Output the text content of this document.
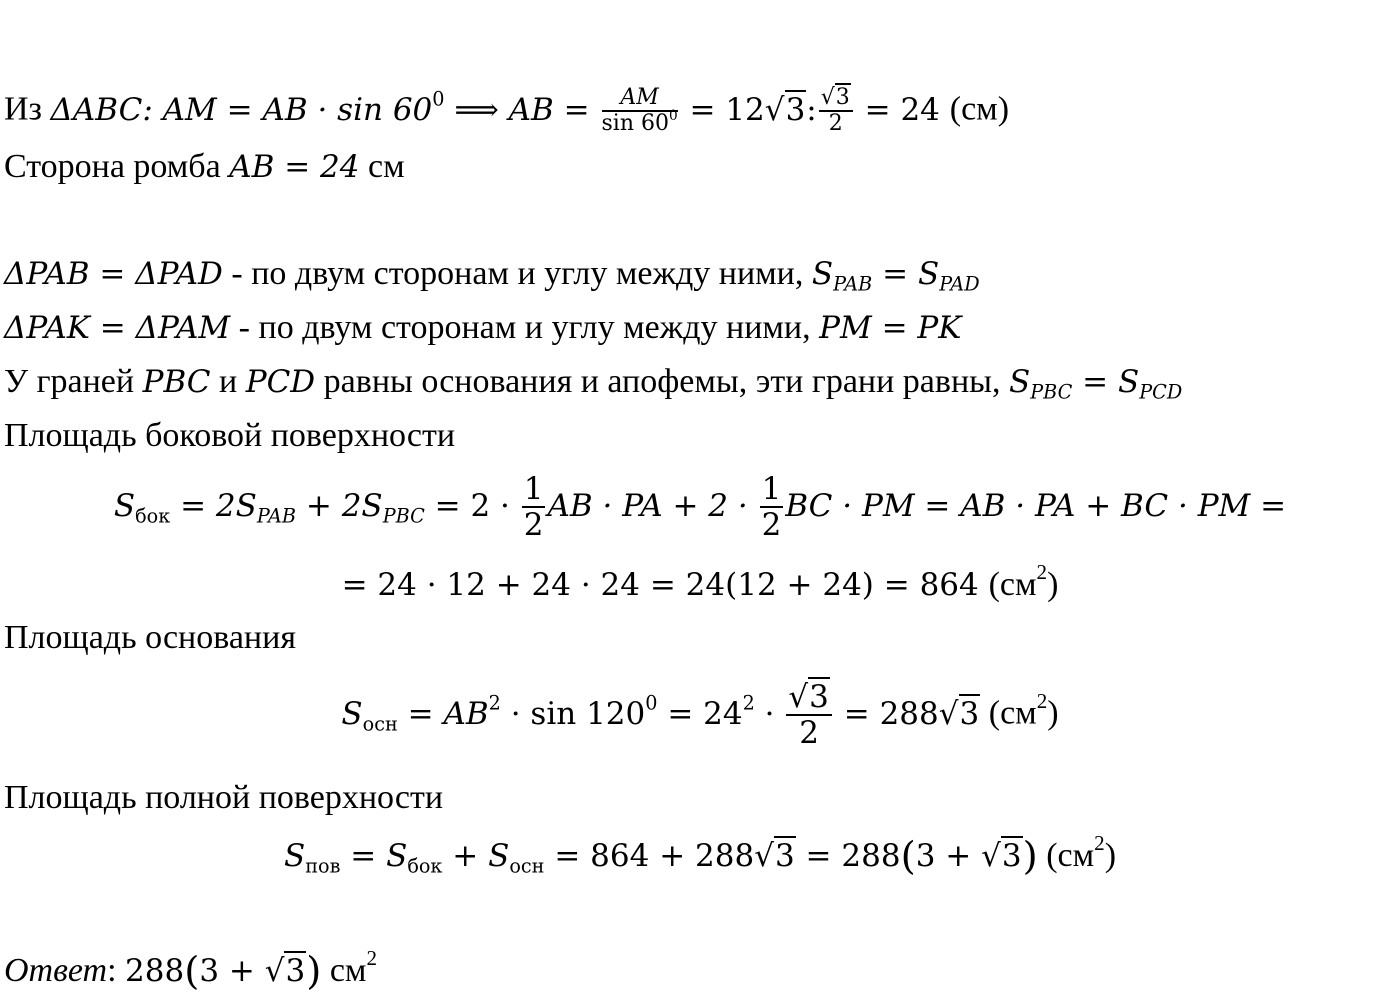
Из ΔABC: AM = AB · $\sin 60^0$ ⟹ AB = $\frac{AM}{\sin 60^0} = 12√3$: $\frac{√3}{2} = 24$ (см)
Сторона ромба AB = 24 см
ΔPAB = ΔPAD - по двум сторонам и углу между ними, $S_{PAB} = S_{PAD}$
ΔPAK = ΔPAM - по двум сторонам и углу между ними, PM = PK
У граней PBC и PCD равны основания и апофемы, эти грани равны, $S_{PBC} = S_{PCD}$
Площадь боковой поверхности
$S_{бок} = 2S_{PAB} + 2S_{PBC} = 2 \cdot \frac{1}{2}$ AB · PA + $2 \cdot \frac{1}{2}$ BC · PM = AB · PA + BC · PM =
= 24 · 12 + 24 · 24 = 24(12 + 24) = 864 $(см^2)$
Площадь основания
$S_{осн} = AB^2 \cdot \sin 120^0 = 24^2 \cdot \frac{√3}{2} = 288√3$ $(см^2)$
Площадь полной поверхности
$S_{пов} = S_{бок} + S_{осн} = 864 + 288√3 = 288(3 + √3)$ $(см^2)$
Ответ: 288(3 + √3) $см^2$
